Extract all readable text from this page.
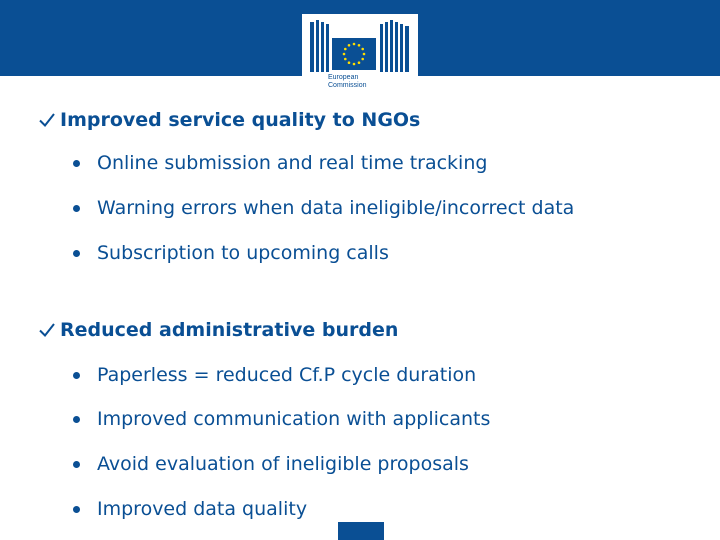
European
Commission
Improved service quality to NGOs
Online submission and real time tracking
Warning errors when data ineligible/incorrect data
Subscription to upcoming calls
Reduced administrative burden
Paperless = reduced Cf.P cycle duration
Improved communication with applicants
Avoid evaluation of ineligible proposals
Improved data quality
